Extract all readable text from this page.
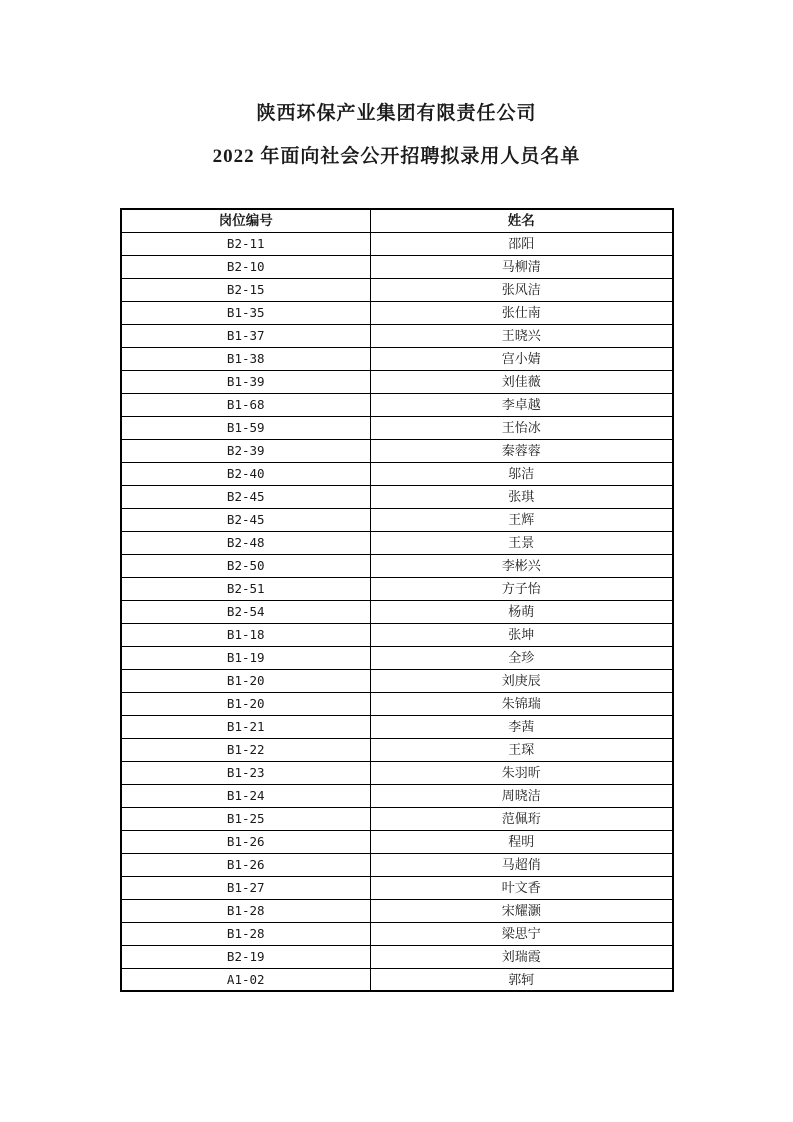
陕西环保产业集团有限责任公司
2022 年面向社会公开招聘拟录用人员名单
岗位编号	姓名
B2-11	邵阳
B2-10	马柳清
B2-15	张风洁
B1-35	张仕南
B1-37	王晓兴
B1-38	宫小婧
B1-39	刘佳薇
B1-68	李卓越
B1-59	王怡冰
B2-39	秦蓉蓉
B2-40	邬洁
B2-45	张琪
B2-45	王辉
B2-48	王景
B2-50	李彬兴
B2-51	方子怡
B2-54	杨萌
B1-18	张坤
B1-19	全珍
B1-20	刘庚辰
B1-20	朱锦瑞
B1-21	李茜
B1-22	王琛
B1-23	朱羽昕
B1-24	周晓洁
B1-25	范佩珩
B1-26	程明
B1-26	马超俏
B1-27	叶文香
B1-28	宋耀灏
B1-28	梁思宁
B2-19	刘瑞霞
A1-02	郭轲
